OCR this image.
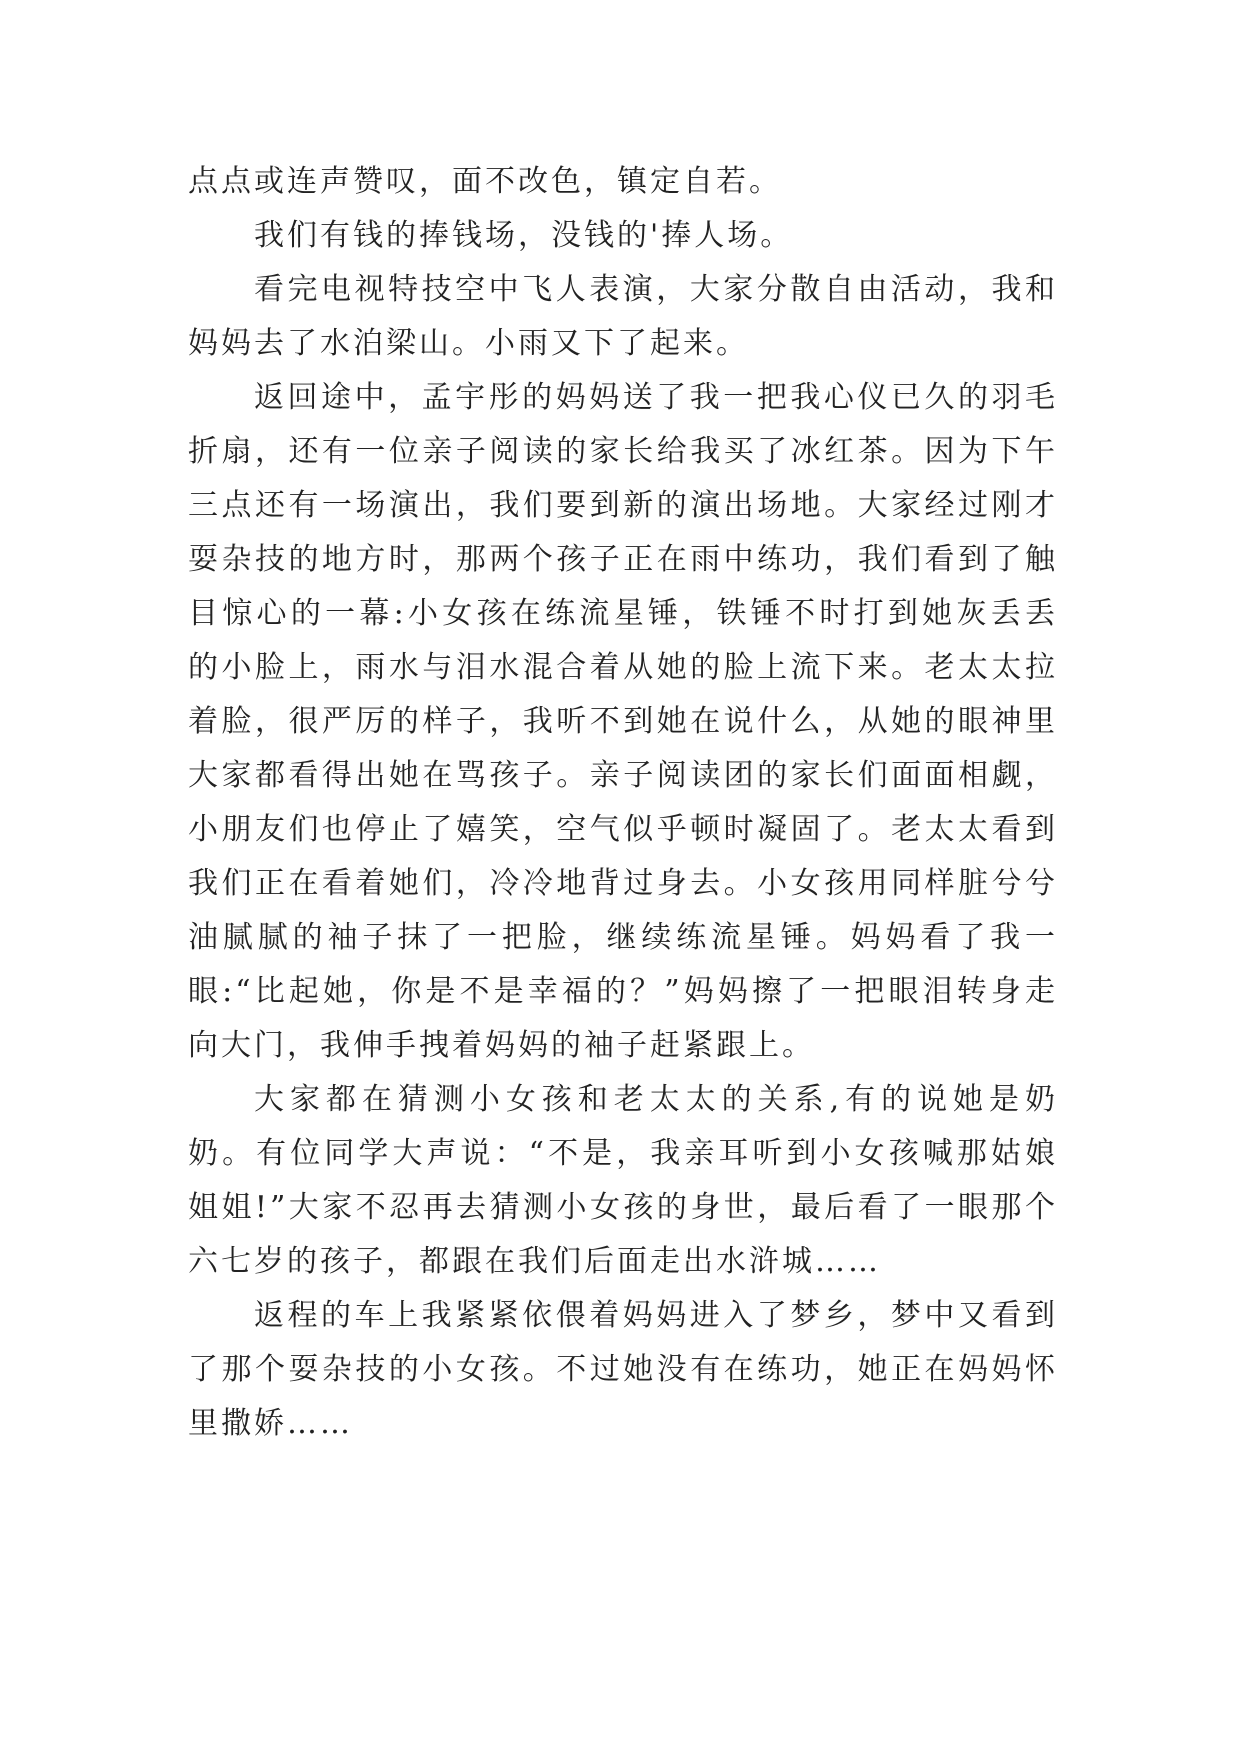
点点或连声赞叹，面不改色，镇定自若。

我们有钱的捧钱场，没钱的'捧人场。

看完电视特技空中飞人表演，大家分散自由活动，我和妈妈去了水泊梁山。小雨又下了起来。

返回途中，孟宇彤的妈妈送了我一把我心仪已久的羽毛折扇，还有一位亲子阅读的家长给我买了冰红茶。因为下午三点还有一场演出，我们要到新的演出场地。大家经过刚才耍杂技的地方时，那两个孩子正在雨中练功，我们看到了触目惊心的一幕:小女孩在练流星锤，铁锤不时打到她灰丢丢的小脸上，雨水与泪水混合着从她的脸上流下来。老太太拉着脸，很严厉的样子，我听不到她在说什么，从她的眼神里大家都看得出她在骂孩子。亲子阅读团的家长们面面相觑，小朋友们也停止了嬉笑，空气似乎顿时凝固了。老太太看到我们正在看着她们，冷冷地背过身去。小女孩用同样脏兮兮油腻腻的袖子抹了一把脸，继续练流星锤。妈妈看了我一眼:“比起她，你是不是幸福的？”妈妈擦了一把眼泪转身走向大门，我伸手拽着妈妈的袖子赶紧跟上。

大家都在猜测小女孩和老太太的关系,有的说她是奶奶。有位同学大声说：“不是，我亲耳听到小女孩喊那姑娘姐姐!”大家不忍再去猜测小女孩的身世，最后看了一眼那个六七岁的孩子，都跟在我们后面走出水浒城……

返程的车上我紧紧依偎着妈妈进入了梦乡，梦中又看到了那个耍杂技的小女孩。不过她没有在练功，她正在妈妈怀里撒娇……
